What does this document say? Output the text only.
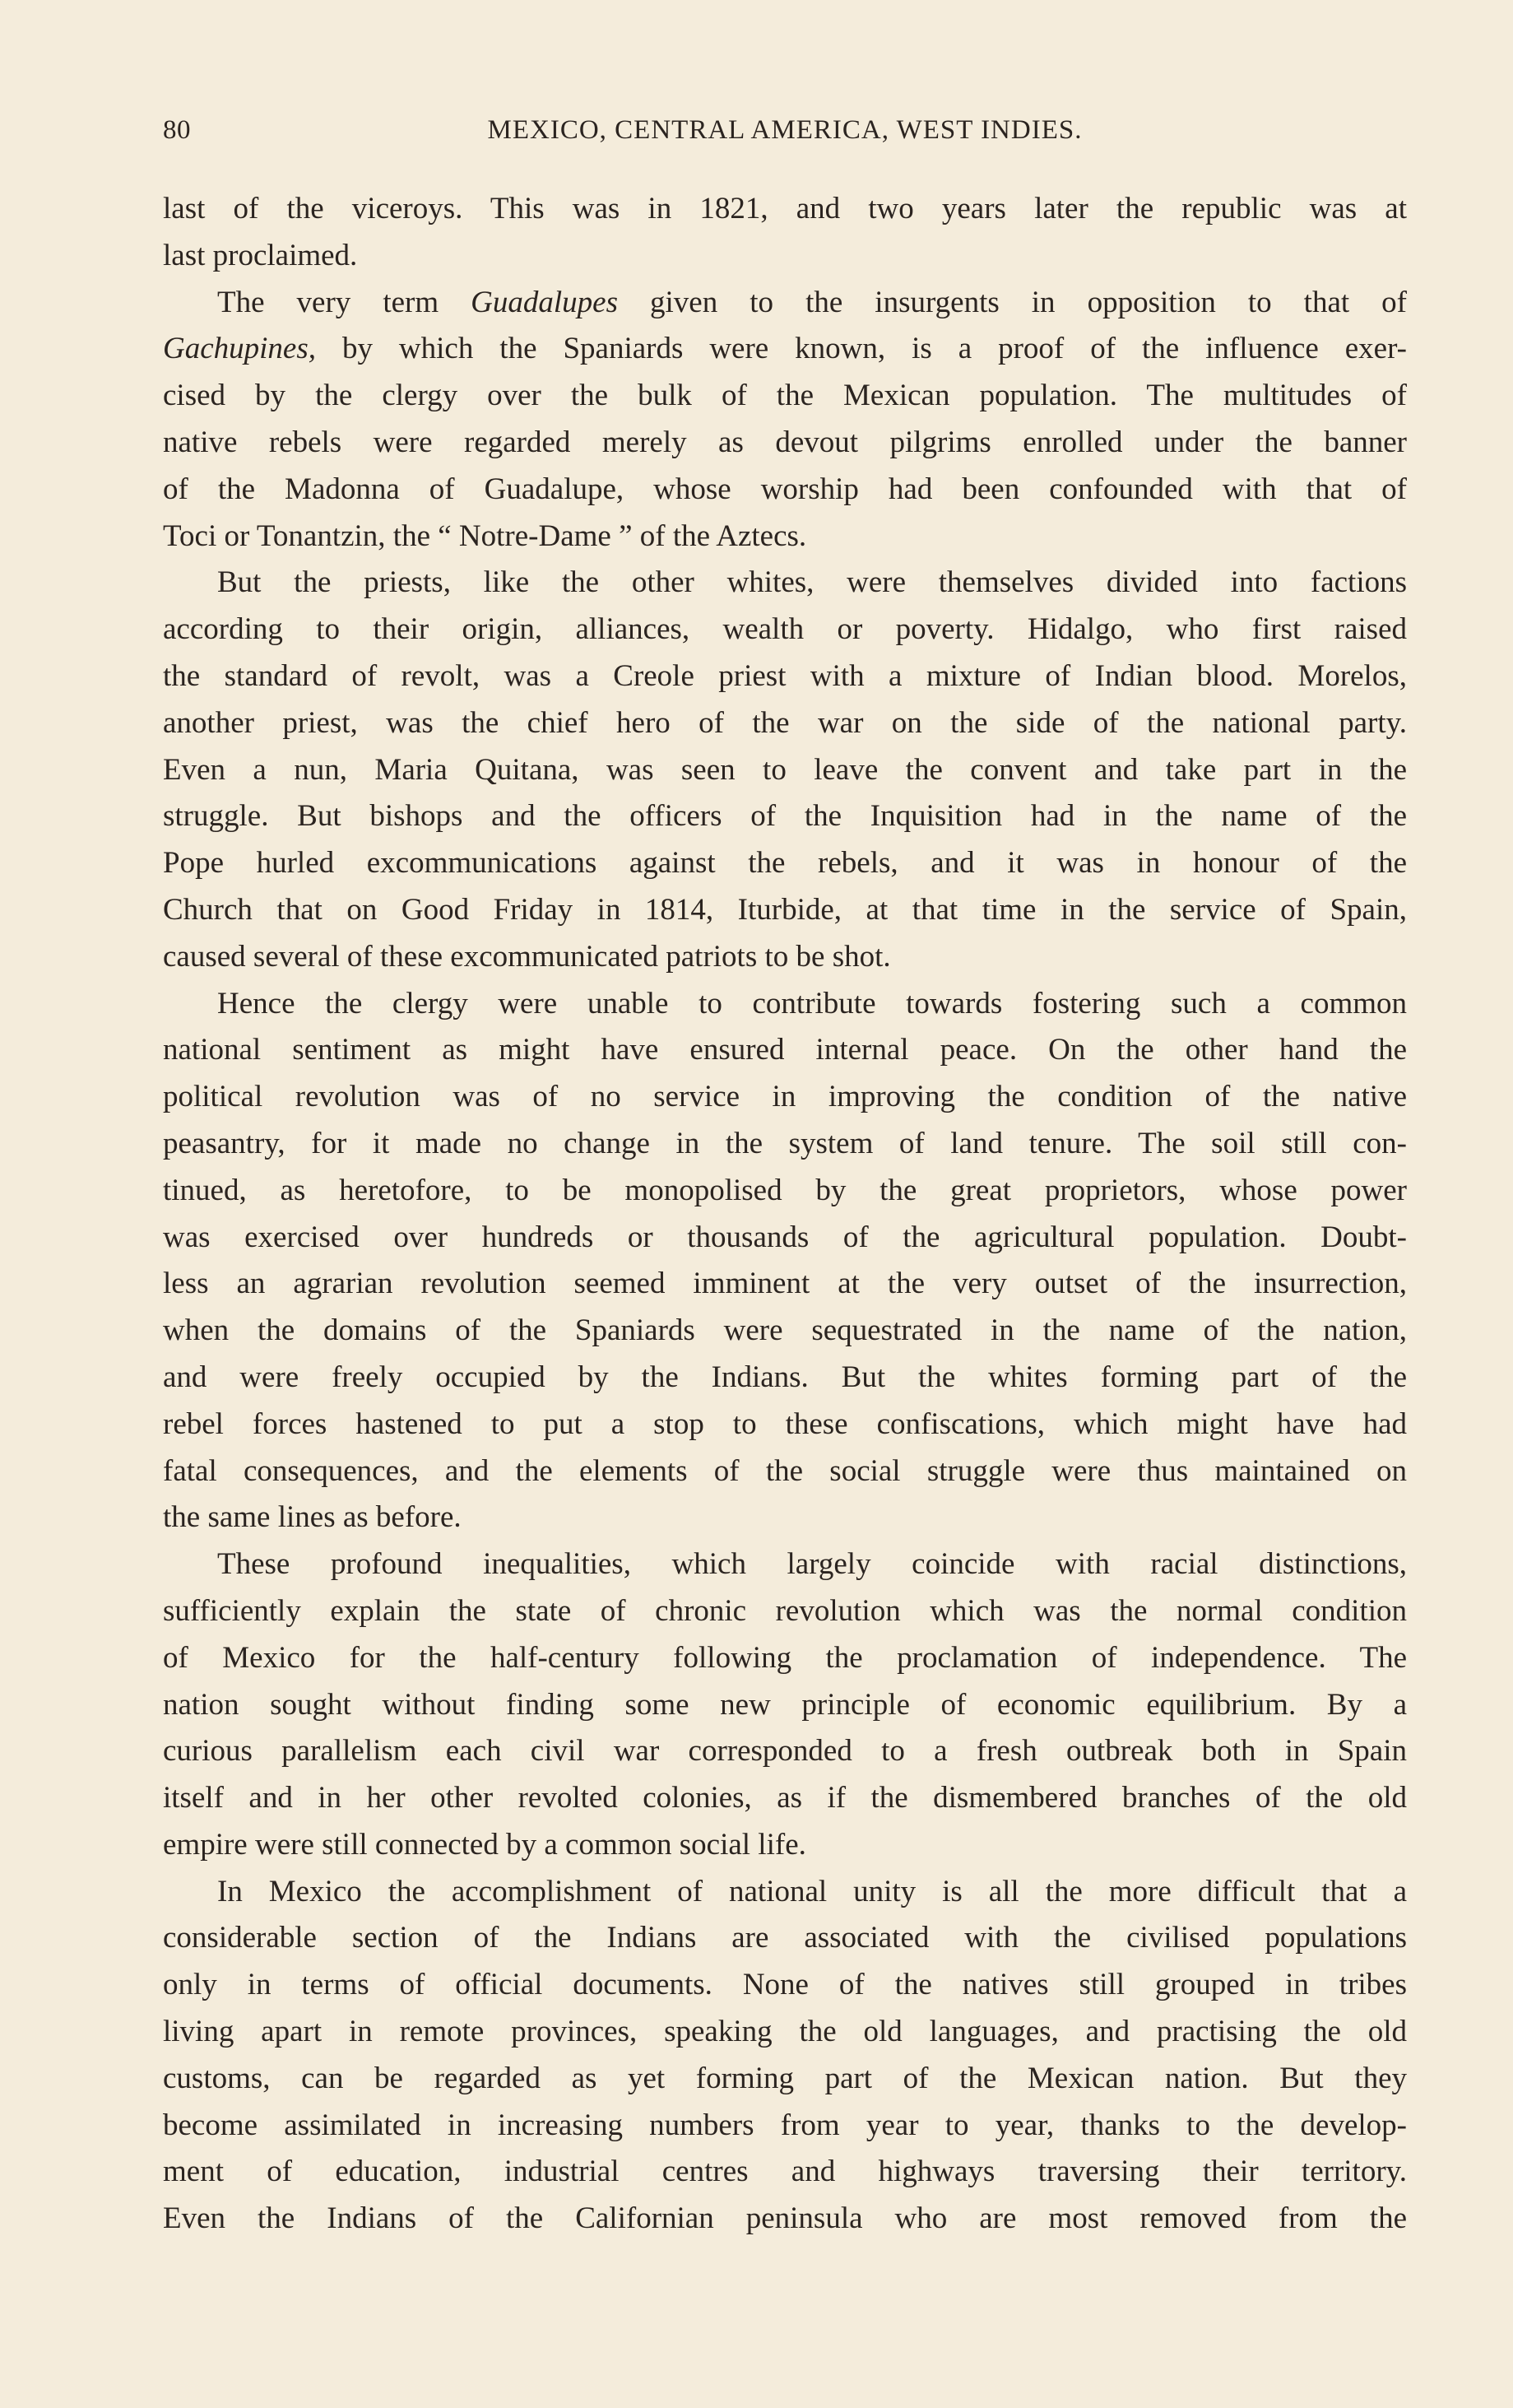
80	MEXICO, CENTRAL AMERICA, WEST INDIES.
last of the viceroys. This was in 1821, and two years later the republic was at
last proclaimed.
The very term Guadalupes given to the insurgents in opposition to that of
Gachupines, by which the Spaniards were known, is a proof of the influence exer-
cised by the clergy over the bulk of the Mexican population. The multitudes of
native rebels were regarded merely as devout pilgrims enrolled under the banner
of the Madonna of Guadalupe, whose worship had been confounded with that of
Toci or Tonantzin, the “ Notre-Dame ” of the Aztecs.
But the priests, like the other whites, were themselves divided into factions
according to their origin, alliances, wealth or poverty. Hidalgo, who first raised
the standard of revolt, was a Creole priest with a mixture of Indian blood. Morelos,
another priest, was the chief hero of the war on the side of the national party.
Even a nun, Maria Quitana, was seen to leave the convent and take part in the
struggle. But bishops and the officers of the Inquisition had in the name of the
Pope hurled excommunications against the rebels, and it was in honour of the
Church that on Good Friday in 1814, Iturbide, at that time in the service of Spain,
caused several of these excommunicated patriots to be shot.
Hence the clergy were unable to contribute towards fostering such a common
national sentiment as might have ensured internal peace. On the other hand the
political revolution was of no service in improving the condition of the native
peasantry, for it made no change in the system of land tenure. The soil still con-
tinued, as heretofore, to be monopolised by the great proprietors, whose power
was exercised over hundreds or thousands of the agricultural population. Doubt-
less an agrarian revolution seemed imminent at the very outset of the insurrection,
when the domains of the Spaniards were sequestrated in the name of the nation,
and were freely occupied by the Indians. But the whites forming part of the
rebel forces hastened to put a stop to these confiscations, which might have had
fatal consequences, and the elements of the social struggle were thus maintained on
the same lines as before.
These profound inequalities, which largely coincide with racial distinctions,
sufficiently explain the state of chronic revolution which was the normal condition
of Mexico for the half-century following the proclamation of independence. The
nation sought without finding some new principle of economic equilibrium. By a
curious parallelism each civil war corresponded to a fresh outbreak both in Spain
itself and in her other revolted colonies, as if the dismembered branches of the old
empire were still connected by a common social life.
In Mexico the accomplishment of national unity is all the more difficult that a
considerable section of the Indians are associated with the civilised populations
only in terms of official documents. None of the natives still grouped in tribes
living apart in remote provinces, speaking the old languages, and practising the old
customs, can be regarded as yet forming part of the Mexican nation. But they
become assimilated in increasing numbers from year to year, thanks to the develop-
ment of education, industrial centres and highways traversing their territory.
Even the Indians of the Californian peninsula who are most removed from the
